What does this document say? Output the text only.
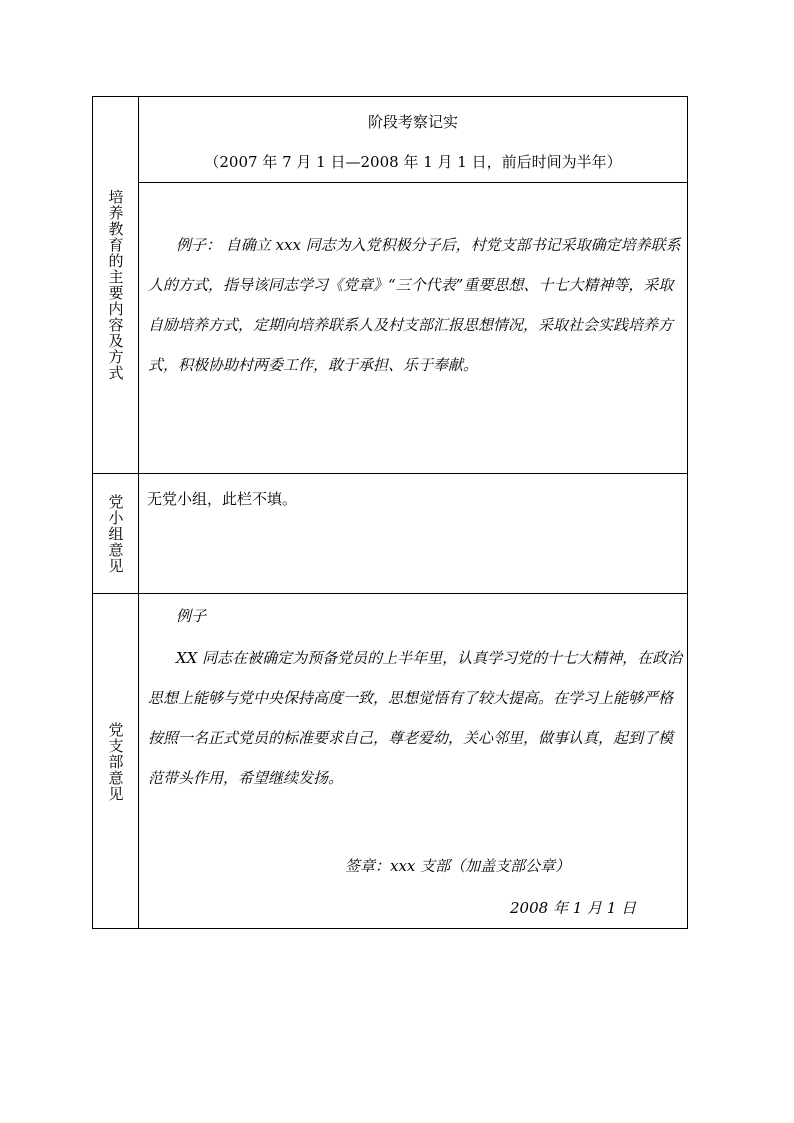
培养教育的主要内容及方式
阶段考察记实
（2007 年 7 月 1 日—2008 年 1 月 1 日，前后时间为半年）

例子： 自确立 xxx 同志为入党积极分子后，村党支部书记采取确定培养联系人的方式，指导该同志学习《党章》“三个代表”重要思想、十七大精神等，采取自励培养方式，定期向培养联系人及村支部汇报思想情况，采取社会实践培养方式，积极协助村两委工作，敢于承担、乐于奉献。

党小组意见 无党小组，此栏不填。
党支部意见
例子

XX 同志在被确定为预备党员的上半年里，认真学习党的十七大精神，在政治思想上能够与党中央保持高度一致，思想觉悟有了较大提高。在学习上能够严格按照一名正式党员的标准要求自己，尊老爱幼，关心邻里，做事认真，起到了模范带头作用，希望继续发扬。

签章：xxx 支部（加盖支部公章）
2008 年 1 月 1 日
